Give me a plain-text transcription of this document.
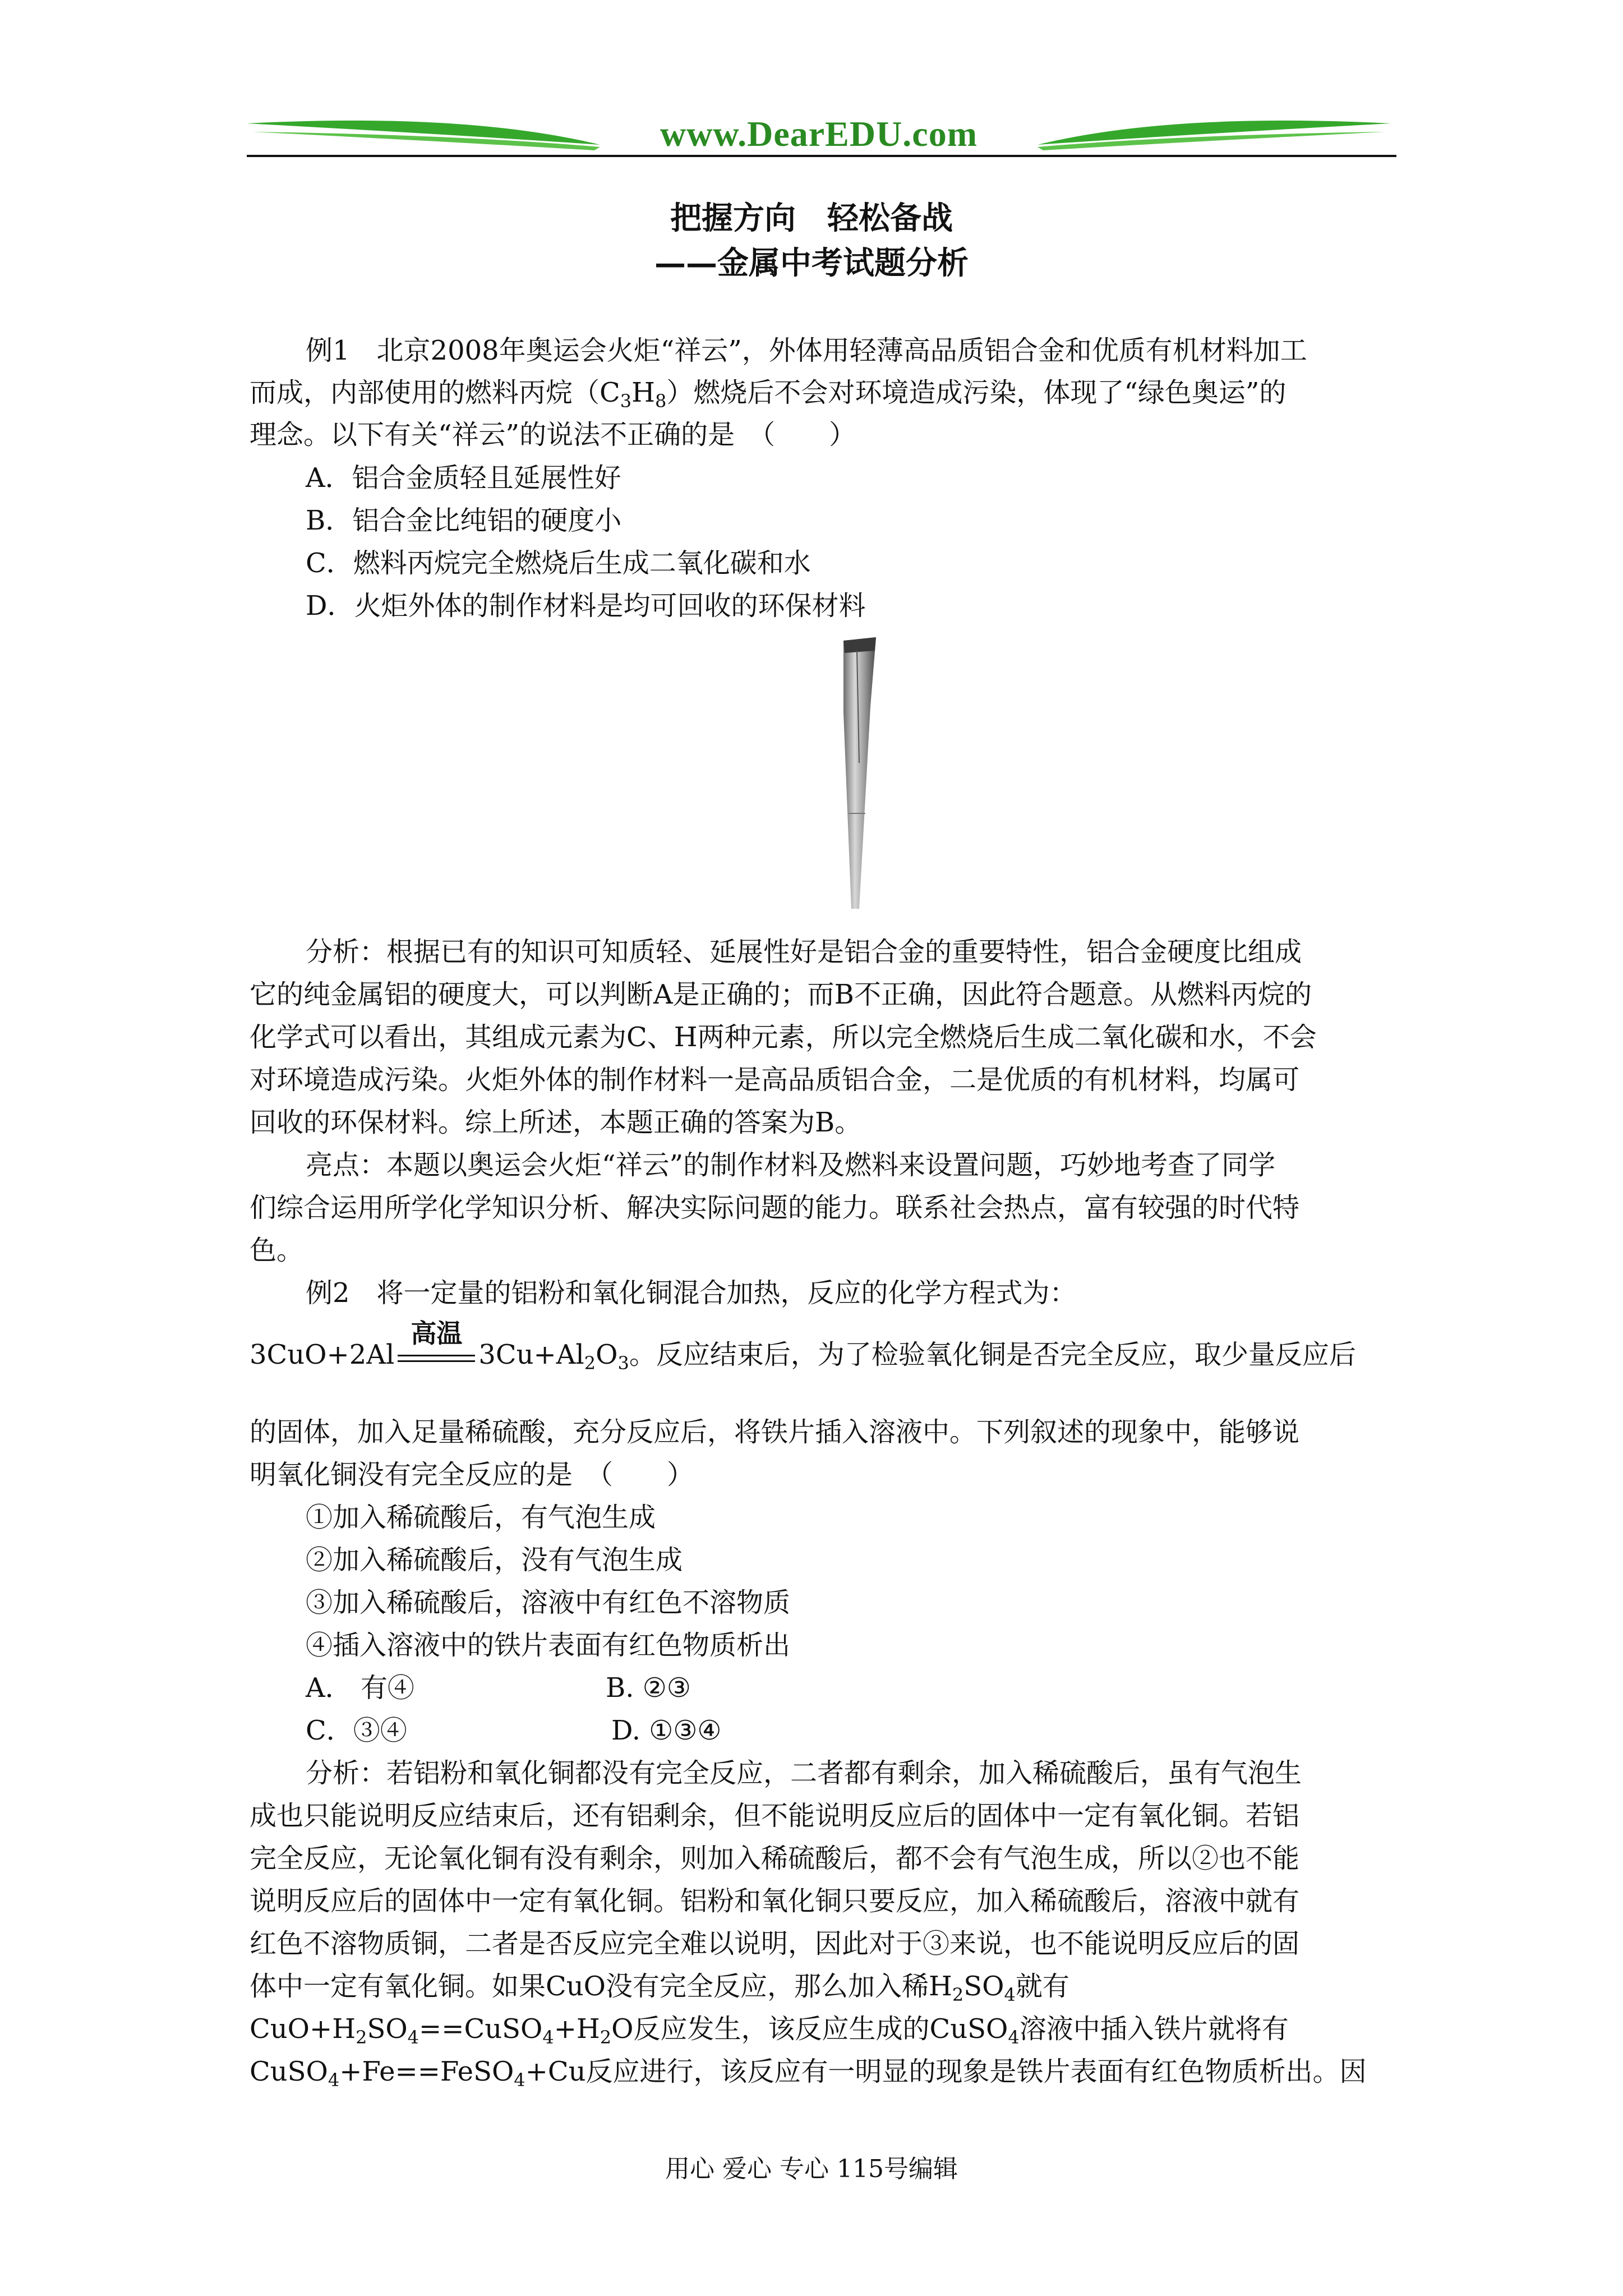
www.DearEDU.com
把握方向　轻松备战
——金属中考试题分析
例1　北京2008年奥运会火炬“祥云”，外体用轻薄高品质铝合金和优质有机材料加工
而成，内部使用的燃料丙烷$(C_3H_8)$燃烧后不会对环境造成污染，体现了“绿色奥运”的
理念。以下有关“祥云”的说法不正确的是　（　　）
A．铝合金质轻且延展性好
B．铝合金比纯铝的硬度小
C．燃料丙烷完全燃烧后生成二氧化碳和水
D．火炬外体的制作材料是均可回收的环保材料
分析：根据已有的知识可知质轻、延展性好是铝合金的重要特性，铝合金硬度比组成
它的纯金属铝的硬度大，可以判断A是正确的；而B不正确，因此符合题意。从燃料丙烷的
化学式可以看出，其组成元素为C、H两种元素，所以完全燃烧后生成二氧化碳和水，不会
对环境造成污染。火炬外体的制作材料一是高品质铝合金，二是优质的有机材料，均属可
回收的环保材料。综上所述，本题正确的答案为B。
亮点：本题以奥运会火炬“祥云”的制作材料及燃料来设置问题，巧妙地考查了同学
们综合运用所学化学知识分析、解决实际问题的能力。联系社会热点，富有较强的时代特
色。
例2　将一定量的铝粉和氧化铜混合加热，反应的化学方程式为：
3CuO+2Al
高温
$3Cu+Al_2O_3$。反应结束后，为了检验氧化铜是否完全反应，取少量反应后
的固体，加入足量稀硫酸，充分反应后，将铁片插入溶液中。下列叙述的现象中，能够说
明氧化铜没有完全反应的是　（　　）
①加入稀硫酸后，有气泡生成
②加入稀硫酸后，没有气泡生成
③加入稀硫酸后，溶液中有红色不溶物质
④插入溶液中的铁片表面有红色物质析出
A． 有④	B. ②③
C．③④	D. ①③④
分析：若铝粉和氧化铜都没有完全反应，二者都有剩余，加入稀硫酸后，虽有气泡生
成也只能说明反应结束后，还有铝剩余，但不能说明反应后的固体中一定有氧化铜。若铝
完全反应，无论氧化铜有没有剩余，则加入稀硫酸后，都不会有气泡生成，所以②也不能
说明反应后的固体中一定有氧化铜。铝粉和氧化铜只要反应，加入稀硫酸后，溶液中就有
红色不溶物质铜，二者是否反应完全难以说明，因此对于③来说，也不能说明反应后的固
体中一定有氧化铜。如果CuO没有完全反应，那么加入稀$H_2SO_4$就有
$CuO+H_2SO_4==CuSO_4+H_2O$反应发生，该反应生成的CuSO$_4$溶液中插入铁片就将有
CuSO$_4$+Fe==FeSO$_4$+Cu反应进行，该反应有一明显的现象是铁片表面有红色物质析出。因
用心 爱心 专心 115号编辑
